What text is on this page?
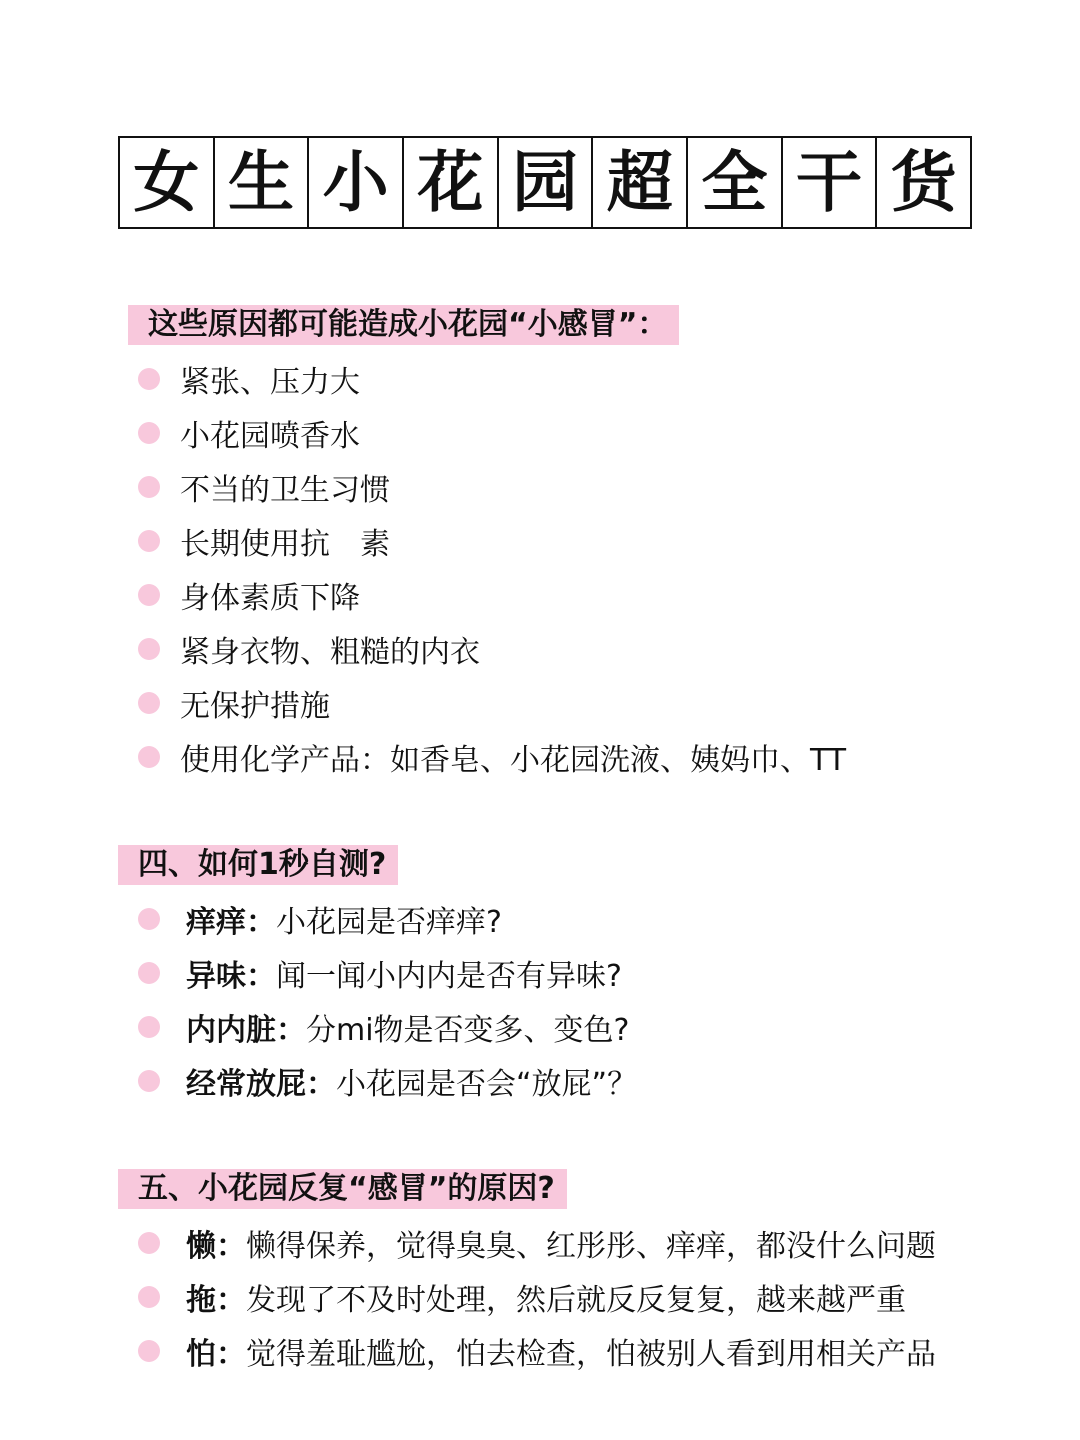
女 生 小 花 园 超 全 干 货
这些原因都可能造成小花园“小感冒”：
紧张、压力大
小花园喷香水
不当的卫生习惯
长期使用抗　素
身体素质下降
紧身衣物、粗糙的内衣
无保护措施
使用化学产品：如香皂、小花园洗液、姨妈巾、TT
四、如何1秒自测?
痒痒： 小花园是否痒痒?
异味： 闻一闻小内内是否有异味?
内内脏： 分mi物是否变多、变色?
经常放屁： 小花园是否会“放屁”？
五、小花园反复“感冒”的原因?
懒： 懒得保养，觉得臭臭、红彤彤、痒痒，都没什么问题
拖： 发现了不及时处理，然后就反反复复，越来越严重
怕： 觉得羞耻尴尬，怕去检查，怕被别人看到用相关产品
